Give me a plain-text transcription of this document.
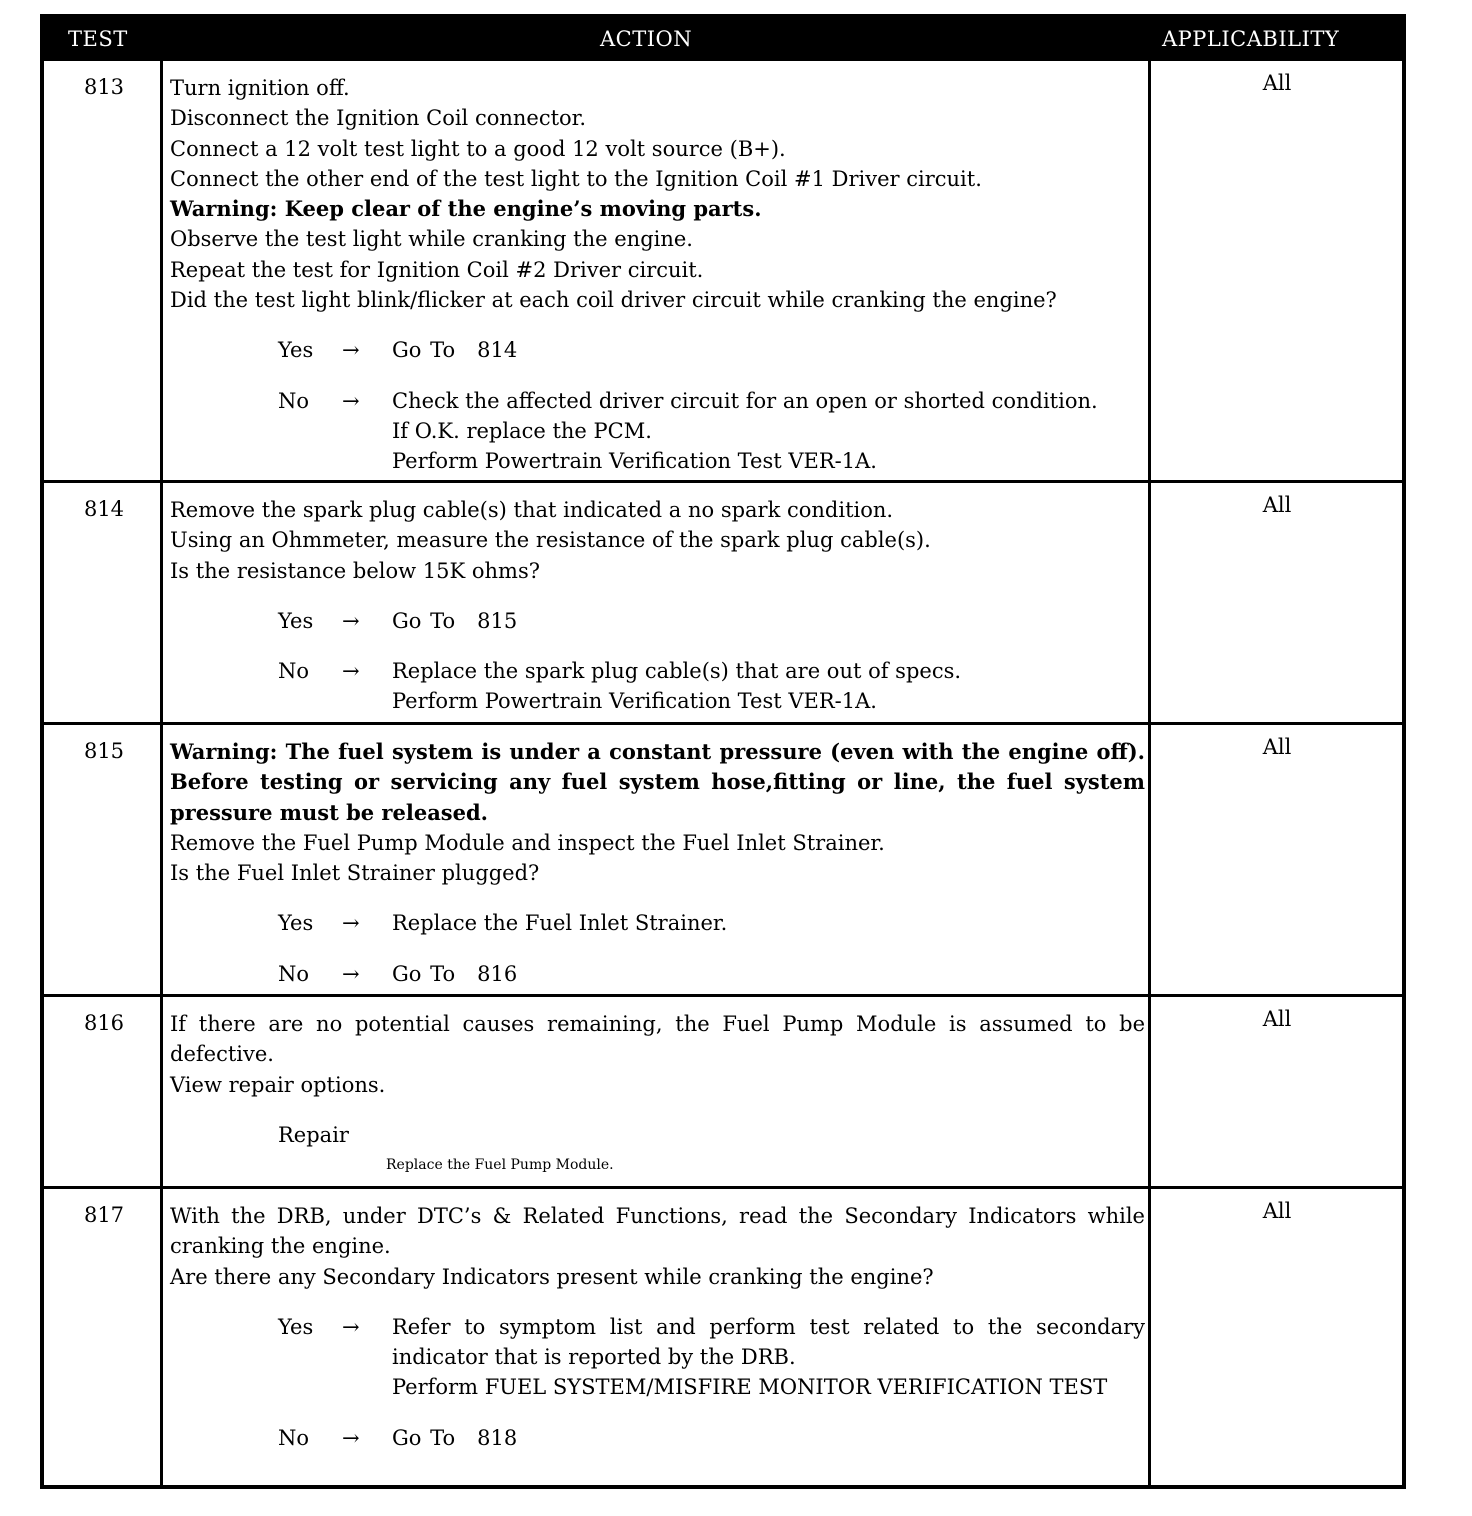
TEST	ACTION	APPLICABILITY
813	Turn ignition off.
Disconnect the Ignition Coil connector.
Connect a 12 volt test light to a good 12 volt source (B+).
Connect the other end of the test light to the Ignition Coil #1 Driver circuit.
Warning: Keep clear of the engine’s moving parts.
Observe the test light while cranking the engine.
Repeat the test for Ignition Coil #2 Driver circuit.
Did the test light blink/flicker at each coil driver circuit while cranking the engine?
Yes → Go To 814
No → Check the affected driver circuit for an open or shorted condition.
If O.K. replace the PCM.
Perform Powertrain Verification Test VER-1A.
All
814	Remove the spark plug cable(s) that indicated a no spark condition.
Using an Ohmmeter, measure the resistance of the spark plug cable(s).
Is the resistance below 15K ohms?
Yes → Go To 815
No → Replace the spark plug cable(s) that are out of specs.
Perform Powertrain Verification Test VER-1A.
All
815	Warning: The fuel system is under a constant pressure (even with the engine off). Before testing or servicing any fuel system hose,fitting or line, the fuel system pressure must be released.
Remove the Fuel Pump Module and inspect the Fuel Inlet Strainer.
Is the Fuel Inlet Strainer plugged?
Yes → Replace the Fuel Inlet Strainer.
No → Go To 816
All
816	If there are no potential causes remaining, the Fuel Pump Module is assumed to be defective.
View repair options.
Repair
Replace the Fuel Pump Module.
All
817	With the DRB, under DTC’s & Related Functions, read the Secondary Indicators while cranking the engine.
Are there any Secondary Indicators present while cranking the engine?
Yes → Refer to symptom list and perform test related to the secondary indicator that is reported by the DRB.
Perform FUEL SYSTEM/MISFIRE MONITOR VERIFICATION TEST
No → Go To 818
All
